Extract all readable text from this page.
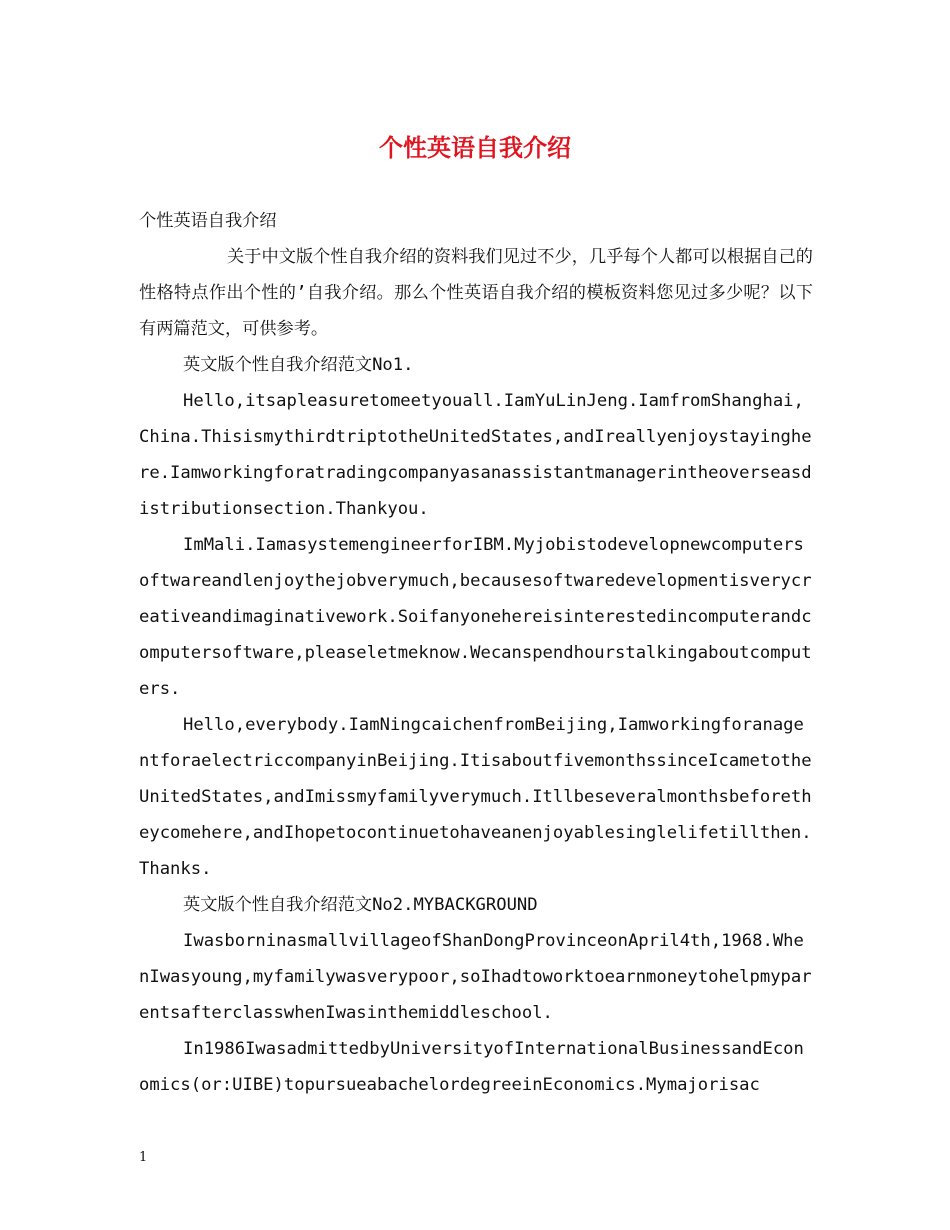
个性英语自我介绍

个性英语自我介绍

关于中文版个性自我介绍的资料我们见过不少，几乎每个人都可以根据自己的性格特点作出个性的’自我介绍。那么个性英语自我介绍的模板资料您见过多少呢？以下有两篇范文，可供参考。

英文版个性自我介绍范文No1.

Hello,itsapleasuretomeetyouall.IamYuLinJeng.IamfromShanghai,China.ThisismythirdtriptotheUnitedStates,andIreallyenjoystayinghere.Iamworkingforatradingcompanyasanassistantmanagerintheoverseasdistributionsection.Thankyou.

ImMali.IamasystemengineerforIBM.Myjobistodevelopnewcomputersoftwareandlenjoythejobverymuch,becausesoftwaredevelopmentisverycreativeandimaginativework.Soifanyonehereisinterestedincomputerandcomputersoftware,pleaseletmeknow.Wecanspendhourstalkingaboutcomputers.

Hello,everybody.IamNingcaichenfromBeijing,IamworkingforanagentforaelectriccompanyinBeijing.ItisaboutfivemonthssinceIcametotheUnitedStates,andImissmyfamilyverymuch.Itllbeseveralmonthsbeforetheycomehere,andIhopetocontinuetohaveanenjoyablesinglelifetillthen.Thanks.

英文版个性自我介绍范文No2.MYBACKGROUND

IwasborninasmallvillageofShanDongProvinceonApril4th,1968.WhenIwasyoung,myfamilywasverypoor,soIhadtoworktoearnmoneytohelpmyparentsafterclasswhenIwasinthemiddleschool.

In1986IwasadmittedbyUniversityofInternationalBusinessandEconomics(or:UIBE)topursueabachelordegreeinEconomics.Mymajorisac

1
